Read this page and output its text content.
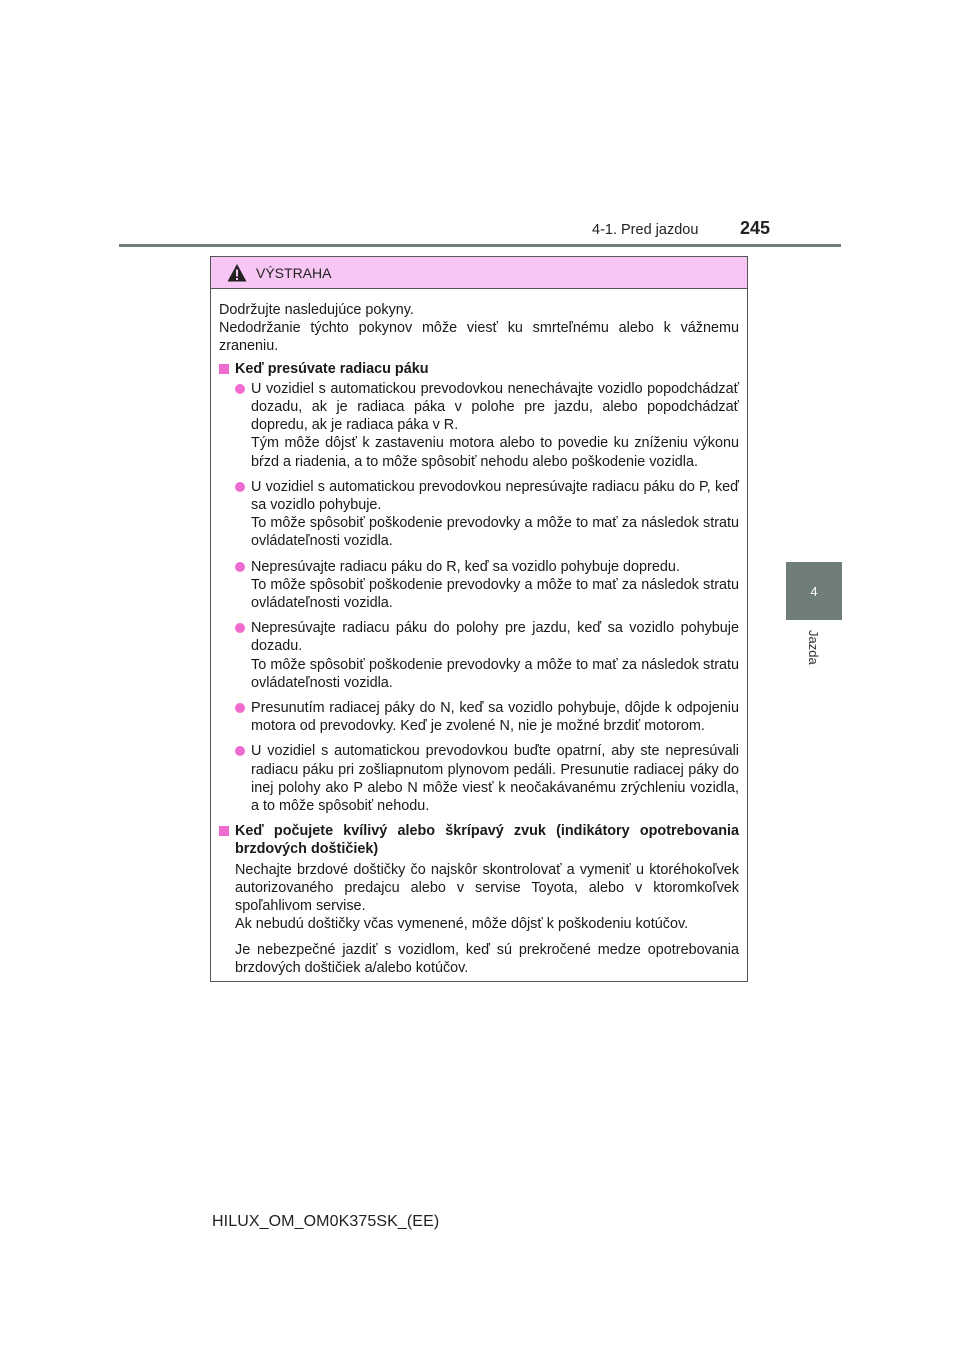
4-1. Pred jazdou 245
4
Jazda
VÝSTRAHA

Dodržujte nasledujúce pokyny.
Nedodržanie týchto pokynov môže viesť ku smrteľnému alebo k vážnemu zraneniu.

Keď presúvate radiacu páku

U vozidiel s automatickou prevodovkou nenechávajte vozidlo popodchádzať dozadu, ak je radiaca páka v polohe pre jazdu, alebo popodchádzať dopredu, ak je radiaca páka v R.
Tým môže dôjsť k zastaveniu motora alebo to povedie ku zníženiu výkonu bŕzd a riadenia, a to môže spôsobiť nehodu alebo poškodenie vozidla.

U vozidiel s automatickou prevodovkou nepresúvajte radiacu páku do P, keď sa vozidlo pohybuje.
To môže spôsobiť poškodenie prevodovky a môže to mať za následok stratu ovládateľnosti vozidla.

Nepresúvajte radiacu páku do R, keď sa vozidlo pohybuje dopredu.
To môže spôsobiť poškodenie prevodovky a môže to mať za následok stratu ovládateľnosti vozidla.

Nepresúvajte radiacu páku do polohy pre jazdu, keď sa vozidlo pohybuje dozadu.
To môže spôsobiť poškodenie prevodovky a môže to mať za následok stratu ovládateľnosti vozidla.

Presunutím radiacej páky do N, keď sa vozidlo pohybuje, dôjde k odpojeniu motora od prevodovky. Keď je zvolené N, nie je možné brzdiť motorom.

U vozidiel s automatickou prevodovkou buďte opatrní, aby ste nepresúvali radiacu páku pri zošliapnutom plynovom pedáli. Presunutie radiacej páky do inej polohy ako P alebo N môže viesť k neočakávanému zrýchleniu vozidla, a to môže spôsobiť nehodu.

Keď počujete kvílivý alebo škrípavý zvuk (indikátory opotrebovania brzdových doštičiek)

Nechajte brzdové doštičky čo najskôr skontrolovať a vymeniť u ktoréhokoľvek autorizovaného predajcu alebo v servise Toyota, alebo v ktoromkoľvek spoľahlivom servise.
Ak nebudú doštičky včas vymenené, môže dôjsť k poškodeniu kotúčov.

Je nebezpečné jazdiť s vozidlom, keď sú prekročené medze opotrebovania brzdových doštičiek a/alebo kotúčov.

HILUX_OM_OM0K375SK_(EE)
